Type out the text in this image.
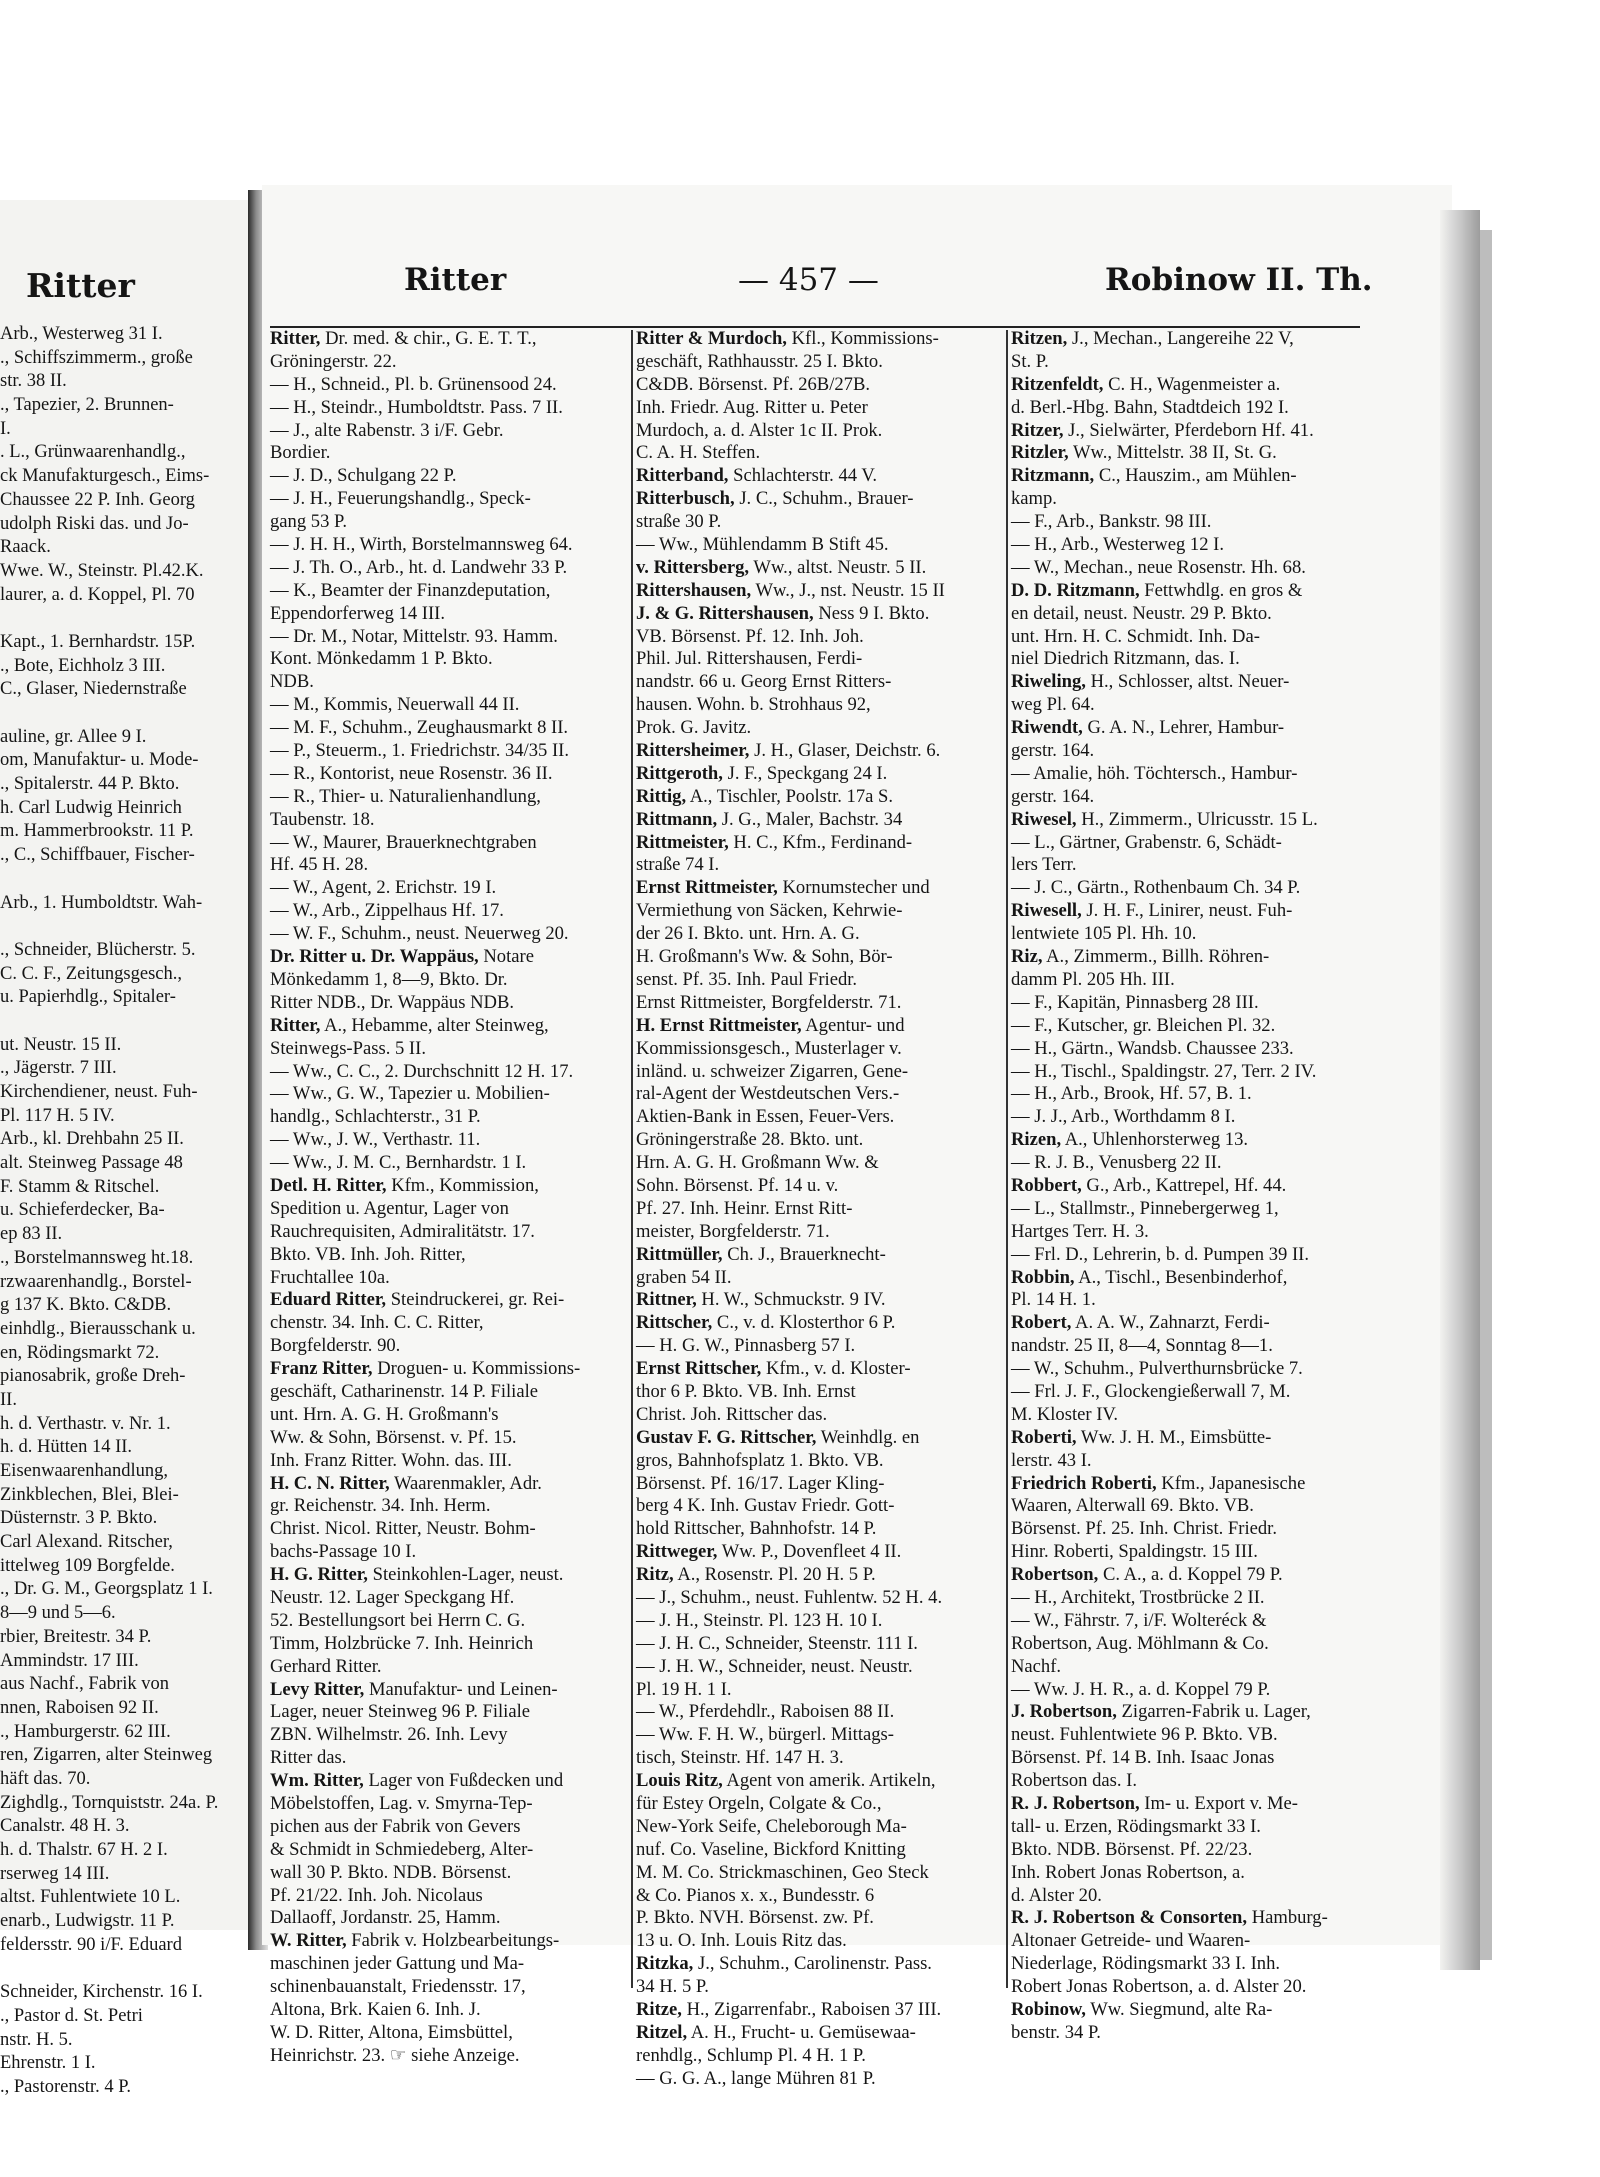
Ritter
Arb., Westerweg 31 I.
., Schiffszimmerm., große
str. 38 II.
., Tapezier, 2. Brunnen-
I.
. L., Grünwaarenhandlg.,
ck Manufakturgesch., Eims-
Chaussee 22 P. Inh. Georg
udolph Riski das. und Jo-
Raack.
Wwe. W., Steinstr. Pl.42.K.
laurer, a. d. Koppel, Pl. 70
Kapt., 1. Bernhardstr. 15P.
., Bote, Eichholz 3 III.
C., Glaser, Niedernstraße
auline, gr. Allee 9 I.
om, Manufaktur- u. Mode-
., Spitalerstr. 44 P. Bkto.
h. Carl Ludwig Heinrich
m. Hammerbrookstr. 11 P.
., C., Schiffbauer, Fischer-
Arb., 1. Humboldtstr. Wah-
., Schneider, Blücherstr. 5.
C. C. F., Zeitungsgesch.,
u. Papierhdlg., Spitaler-
ut. Neustr. 15 II.
., Jägerstr. 7 III.
Kirchendiener, neust. Fuh-
Pl. 117 H. 5 IV.
Arb., kl. Drehbahn 25 II.
alt. Steinweg Passage 48
F. Stamm & Ritschel.
u. Schieferdecker, Ba-
ep 83 II.
., Borstelmannsweg ht.18.
rzwaarenhandlg., Borstel-
g 137 K. Bkto. C&DB.
einhdlg., Bierausschank u.
en, Rödingsmarkt 72.
pianosabrik, große Dreh-
II.
h. d. Verthastr. v. Nr. 1.
h. d. Hütten 14 II.
Eisenwaarenhandlung,
Zinkblechen, Blei, Blei-
Düsternstr. 3 P. Bkto.
Carl Alexand. Ritscher,
ittelweg 109 Borgfelde.
., Dr. G. M., Georgsplatz 1 I.
8—9 und 5—6.
rbier, Breitestr. 34 P.
Ammindstr. 17 III.
aus Nachf., Fabrik von
nnen, Raboisen 92 II.
., Hamburgerstr. 62 III.
ren, Zigarren, alter Steinweg
häft das. 70.
Zighdlg., Tornquiststr. 24a. P.
Canalstr. 48 H. 3.
h. d. Thalstr. 67 H. 2 I.
rserweg 14 III.
altst. Fuhlentwiete 10 L.
enarb., Ludwigstr. 11 P.
feldersstr. 90 i/F. Eduard
Schneider, Kirchenstr. 16 I.
., Pastor d. St. Petri
nstr. H. 5.
Ehrenstr. 1 I.
., Pastorenstr. 4 P.
Ritter	— 457 —	Robinow II. Th.
Ritter, Dr. med. & chir., G. E. T. T.,
Gröningerstr. 22.
— H., Schneid., Pl. b. Grünensood 24.
— H., Steindr., Humboldtstr. Pass. 7 II.
— J., alte Rabenstr. 3 i/F. Gebr.
Bordier.
— J. D., Schulgang 22 P.
— J. H., Feuerungshandlg., Speck-
gang 53 P.
— J. H. H., Wirth, Borstelmannsweg 64.
— J. Th. O., Arb., ht. d. Landwehr 33 P.
— K., Beamter der Finanzdeputation,
Eppendorferweg 14 III.
— Dr. M., Notar, Mittelstr. 93. Hamm.
Kont. Mönkedamm 1 P. Bkto.
NDB.
— M., Kommis, Neuerwall 44 II.
— M. F., Schuhm., Zeughausmarkt 8 II.
— P., Steuerm., 1. Friedrichstr. 34/35 II.
— R., Kontorist, neue Rosenstr. 36 II.
— R., Thier- u. Naturalienhandlung,
Taubenstr. 18.
— W., Maurer, Brauerknechtgraben
Hf. 45 H. 28.
— W., Agent, 2. Erichstr. 19 I.
— W., Arb., Zippelhaus Hf. 17.
— W. F., Schuhm., neust. Neuerweg 20.
Dr. Ritter u. Dr. Wappäus, Notare
Mönkedamm 1, 8—9, Bkto. Dr.
Ritter NDB., Dr. Wappäus NDB.
Ritter, A., Hebamme, alter Steinweg,
Steinwegs-Pass. 5 II.
— Ww., C. C., 2. Durchschnitt 12 H. 17.
— Ww., G. W., Tapezier u. Mobilien-
handlg., Schlachterstr., 31 P.
— Ww., J. W., Verthastr. 11.
— Ww., J. M. C., Bernhardstr. 1 I.
Detl. H. Ritter, Kfm., Kommission,
Spedition u. Agentur, Lager von
Rauchrequisiten, Admiralitätstr. 17.
Bkto. VB. Inh. Joh. Ritter,
Fruchtallee 10a.
Eduard Ritter, Steindruckerei, gr. Rei-
chenstr. 34. Inh. C. C. Ritter,
Borgfelderstr. 90.
Franz Ritter, Droguen- u. Kommissions-
geschäft, Catharinenstr. 14 P. Filiale
unt. Hrn. A. G. H. Großmann's
Ww. & Sohn, Börsenst. v. Pf. 15.
Inh. Franz Ritter. Wohn. das. III.
H. C. N. Ritter, Waarenmakler, Adr.
gr. Reichenstr. 34. Inh. Herm.
Christ. Nicol. Ritter, Neustr. Bohm-
bachs-Passage 10 I.
H. G. Ritter, Steinkohlen-Lager, neust.
Neustr. 12. Lager Speckgang Hf.
52. Bestellungsort bei Herrn C. G.
Timm, Holzbrücke 7. Inh. Heinrich
Gerhard Ritter.
Levy Ritter, Manufaktur- und Leinen-
Lager, neuer Steinweg 96 P. Filiale
ZBN. Wilhelmstr. 26. Inh. Levy
Ritter das.
Wm. Ritter, Lager von Fußdecken und
Möbelstoffen, Lag. v. Smyrna-Tep-
pichen aus der Fabrik von Gevers
& Schmidt in Schmiedeberg, Alter-
wall 30 P. Bkto. NDB. Börsenst.
Pf. 21/22. Inh. Joh. Nicolaus
Dallaoff, Jordanstr. 25, Hamm.
W. Ritter, Fabrik v. Holzbearbeitungs-
maschinen jeder Gattung und Ma-
schinenbauanstalt, Friedensstr. 17,
Altona, Brk. Kaien 6. Inh. J.
W. D. Ritter, Altona, Eimsbüttel,
Heinrichstr. 23. ☞ siehe Anzeige.
Ritter & Murdoch, Kfl., Kommissions-
geschäft, Rathhausstr. 25 I. Bkto.
C&DB. Börsenst. Pf. 26B/27B.
Inh. Friedr. Aug. Ritter u. Peter
Murdoch, a. d. Alster 1c II. Prok.
C. A. H. Steffen.
Ritterband, Schlachterstr. 44 V.
Ritterbusch, J. C., Schuhm., Brauer-
straße 30 P.
— Ww., Mühlendamm B Stift 45.
v. Rittersberg, Ww., altst. Neustr. 5 II.
Rittershausen, Ww., J., nst. Neustr. 15 II
J. & G. Rittershausen, Ness 9 I. Bkto.
VB. Börsenst. Pf. 12. Inh. Joh.
Phil. Jul. Rittershausen, Ferdi-
nandstr. 66 u. Georg Ernst Ritters-
hausen. Wohn. b. Strohhaus 92,
Prok. G. Javitz.
Rittersheimer, J. H., Glaser, Deichstr. 6.
Rittgeroth, J. F., Speckgang 24 I.
Rittig, A., Tischler, Poolstr. 17a S.
Rittmann, J. G., Maler, Bachstr. 34
Rittmeister, H. C., Kfm., Ferdinand-
straße 74 I.
Ernst Rittmeister, Kornumstecher und
Vermiethung von Säcken, Kehrwie-
der 26 I. Bkto. unt. Hrn. A. G.
H. Großmann's Ww. & Sohn, Bör-
senst. Pf. 35. Inh. Paul Friedr.
Ernst Rittmeister, Borgfelderstr. 71.
H. Ernst Rittmeister, Agentur- und
Kommissionsgesch., Musterlager v.
inländ. u. schweizer Zigarren, Gene-
ral-Agent der Westdeutschen Vers.-
Aktien-Bank in Essen, Feuer-Vers.
Gröningerstraße 28. Bkto. unt.
Hrn. A. G. H. Großmann Ww. &
Sohn. Börsenst. Pf. 14 u. v.
Pf. 27. Inh. Heinr. Ernst Ritt-
meister, Borgfelderstr. 71.
Rittmüller, Ch. J., Brauerknecht-
graben 54 II.
Rittner, H. W., Schmuckstr. 9 IV.
Rittscher, C., v. d. Klosterthor 6 P.
— H. G. W., Pinnasberg 57 I.
Ernst Rittscher, Kfm., v. d. Kloster-
thor 6 P. Bkto. VB. Inh. Ernst
Christ. Joh. Rittscher das.
Gustav F. G. Rittscher, Weinhdlg. en
gros, Bahnhofsplatz 1. Bkto. VB.
Börsenst. Pf. 16/17. Lager Kling-
berg 4 K. Inh. Gustav Friedr. Gott-
hold Rittscher, Bahnhofstr. 14 P.
Rittweger, Ww. P., Dovenfleet 4 II.
Ritz, A., Rosenstr. Pl. 20 H. 5 P.
— J., Schuhm., neust. Fuhlentw. 52 H. 4.
— J. H., Steinstr. Pl. 123 H. 10 I.
— J. H. C., Schneider, Steenstr. 111 I.
— J. H. W., Schneider, neust. Neustr.
Pl. 19 H. 1 I.
— W., Pferdehdlr., Raboisen 88 II.
— Ww. F. H. W., bürgerl. Mittags-
tisch, Steinstr. Hf. 147 H. 3.
Louis Ritz, Agent von amerik. Artikeln,
für Estey Orgeln, Colgate & Co.,
New-York Seife, Cheleborough Ma-
nuf. Co. Vaseline, Bickford Knitting
M. M. Co. Strickmaschinen, Geo Steck
& Co. Pianos x. x., Bundesstr. 6
P. Bkto. NVH. Börsenst. zw. Pf.
13 u. O. Inh. Louis Ritz das.
Ritzka, J., Schuhm., Carolinenstr. Pass.
34 H. 5 P.
Ritze, H., Zigarrenfabr., Raboisen 37 III.
Ritzel, A. H., Frucht- u. Gemüsewaa-
renhdlg., Schlump Pl. 4 H. 1 P.
— G. G. A., lange Mühren 81 P.
Ritzen, J., Mechan., Langereihe 22 V,
St. P.
Ritzenfeldt, C. H., Wagenmeister a.
d. Berl.-Hbg. Bahn, Stadtdeich 192 I.
Ritzer, J., Sielwärter, Pferdeborn Hf. 41.
Ritzler, Ww., Mittelstr. 38 II, St. G.
Ritzmann, C., Hauszim., am Mühlen-
kamp.
— F., Arb., Bankstr. 98 III.
— H., Arb., Westerweg 12 I.
— W., Mechan., neue Rosenstr. Hh. 68.
D. D. Ritzmann, Fettwhdlg. en gros &
en detail, neust. Neustr. 29 P. Bkto.
unt. Hrn. H. C. Schmidt. Inh. Da-
niel Diedrich Ritzmann, das. I.
Riweling, H., Schlosser, altst. Neuer-
weg Pl. 64.
Riwendt, G. A. N., Lehrer, Hambur-
gerstr. 164.
— Amalie, höh. Töchtersch., Hambur-
gerstr. 164.
Riwesel, H., Zimmerm., Ulricusstr. 15 L.
— L., Gärtner, Grabenstr. 6, Schädt-
lers Terr.
— J. C., Gärtn., Rothenbaum Ch. 34 P.
Riwesell, J. H. F., Linirer, neust. Fuh-
lentwiete 105 Pl. Hh. 10.
Riz, A., Zimmerm., Billh. Röhren-
damm Pl. 205 Hh. III.
— F., Kapitän, Pinnasberg 28 III.
— F., Kutscher, gr. Bleichen Pl. 32.
— H., Gärtn., Wandsb. Chaussee 233.
— H., Tischl., Spaldingstr. 27, Terr. 2 IV.
— H., Arb., Brook, Hf. 57, B. 1.
— J. J., Arb., Worthdamm 8 I.
Rizen, A., Uhlenhorsterweg 13.
— R. J. B., Venusberg 22 II.
Robbert, G., Arb., Kattrepel, Hf. 44.
— L., Stallmstr., Pinnebergerweg 1,
Hartges Terr. H. 3.
— Frl. D., Lehrerin, b. d. Pumpen 39 II.
Robbin, A., Tischl., Besenbinderhof,
Pl. 14 H. 1.
Robert, A. A. W., Zahnarzt, Ferdi-
nandstr. 25 II, 8—4, Sonntag 8—1.
— W., Schuhm., Pulverthurnsbrücke 7.
— Frl. J. F., Glockengießerwall 7, M.
M. Kloster IV.
Roberti, Ww. J. H. M., Eimsbütte-
lerstr. 43 I.
Friedrich Roberti, Kfm., Japanesische
Waaren, Alterwall 69. Bkto. VB.
Börsenst. Pf. 25. Inh. Christ. Friedr.
Hinr. Roberti, Spaldingstr. 15 III.
Robertson, C. A., a. d. Koppel 79 P.
— H., Architekt, Trostbrücke 2 II.
— W., Fährstr. 7, i/F. Wolteréck &
Robertson, Aug. Möhlmann & Co.
Nachf.
— Ww. J. H. R., a. d. Koppel 79 P.
J. Robertson, Zigarren-Fabrik u. Lager,
neust. Fuhlentwiete 96 P. Bkto. VB.
Börsenst. Pf. 14 B. Inh. Isaac Jonas
Robertson das. I.
R. J. Robertson, Im- u. Export v. Me-
tall- u. Erzen, Rödingsmarkt 33 I.
Bkto. NDB. Börsenst. Pf. 22/23.
Inh. Robert Jonas Robertson, a.
d. Alster 20.
R. J. Robertson & Consorten, Hamburg-
Altonaer Getreide- und Waaren-
Niederlage, Rödingsmarkt 33 I. Inh.
Robert Jonas Robertson, a. d. Alster 20.
Robinow, Ww. Siegmund, alte Ra-
benstr. 34 P.
